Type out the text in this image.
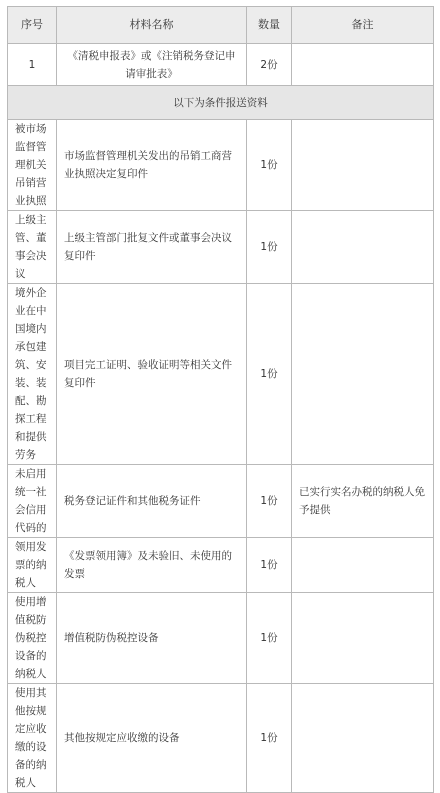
序号	材料名称	数量	备注
1	《清税申报表》或《注销税务登记申请审批表》	2份	
以下为条件报送资料			
被市场监督管理机关吊销营业执照	市场监督管理机关发出的吊销工商营业执照决定复印件	1份	
上级主管、董事会决议	上级主管部门批复文件或董事会决议复印件	1份	
境外企业在中国境内承包建筑、安装、装配、勘探工程和提供劳务	项目完工证明、验收证明等相关文件复印件	1份	
未启用统一社会信用代码的	税务登记证件和其他税务证件	1份	已实行实名办税的纳税人免予提供
领用发票的纳税人	《发票领用簿》及未验旧、未使用的发票	1份	
使用增值税防伪税控设备的纳税人	增值税防伪税控设备	1份	
使用其他按规定应收缴的设备的纳税人	其他按规定应收缴的设备	1份	
